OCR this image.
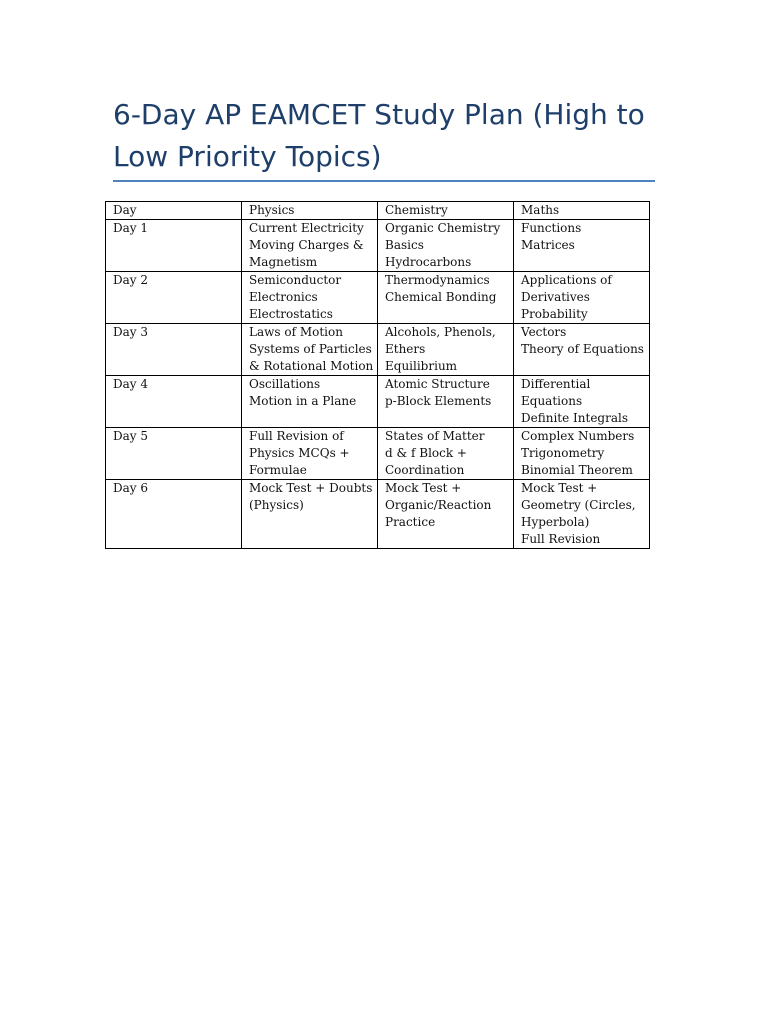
6-Day AP EAMCET Study Plan (High to
Low Priority Topics)
Day	Physics	Chemistry	Maths

Day 1	Current Electricity
Moving Charges &
Magnetism	Organic Chemistry
Basics
Hydrocarbons	Functions
Matrices

Day 2	Semiconductor
Electronics
Electrostatics	Thermodynamics
Chemical Bonding	Applications of
Derivatives
Probability

Day 3	Laws of Motion
Systems of Particles
& Rotational Motion	Alcohols, Phenols,
Ethers
Equilibrium	Vectors
Theory of Equations

Day 4	Oscillations
Motion in a Plane	Atomic Structure
p-Block Elements	Differential
Equations
Definite Integrals

Day 5	Full Revision of
Physics MCQs +
Formulae	States of Matter
d & f Block +
Coordination	Complex Numbers
Trigonometry
Binomial Theorem

Day 6	Mock Test + Doubts
(Physics)	Mock Test +
Organic/Reaction
Practice	Mock Test +
Geometry (Circles,
Hyperbola)
Full Revision
